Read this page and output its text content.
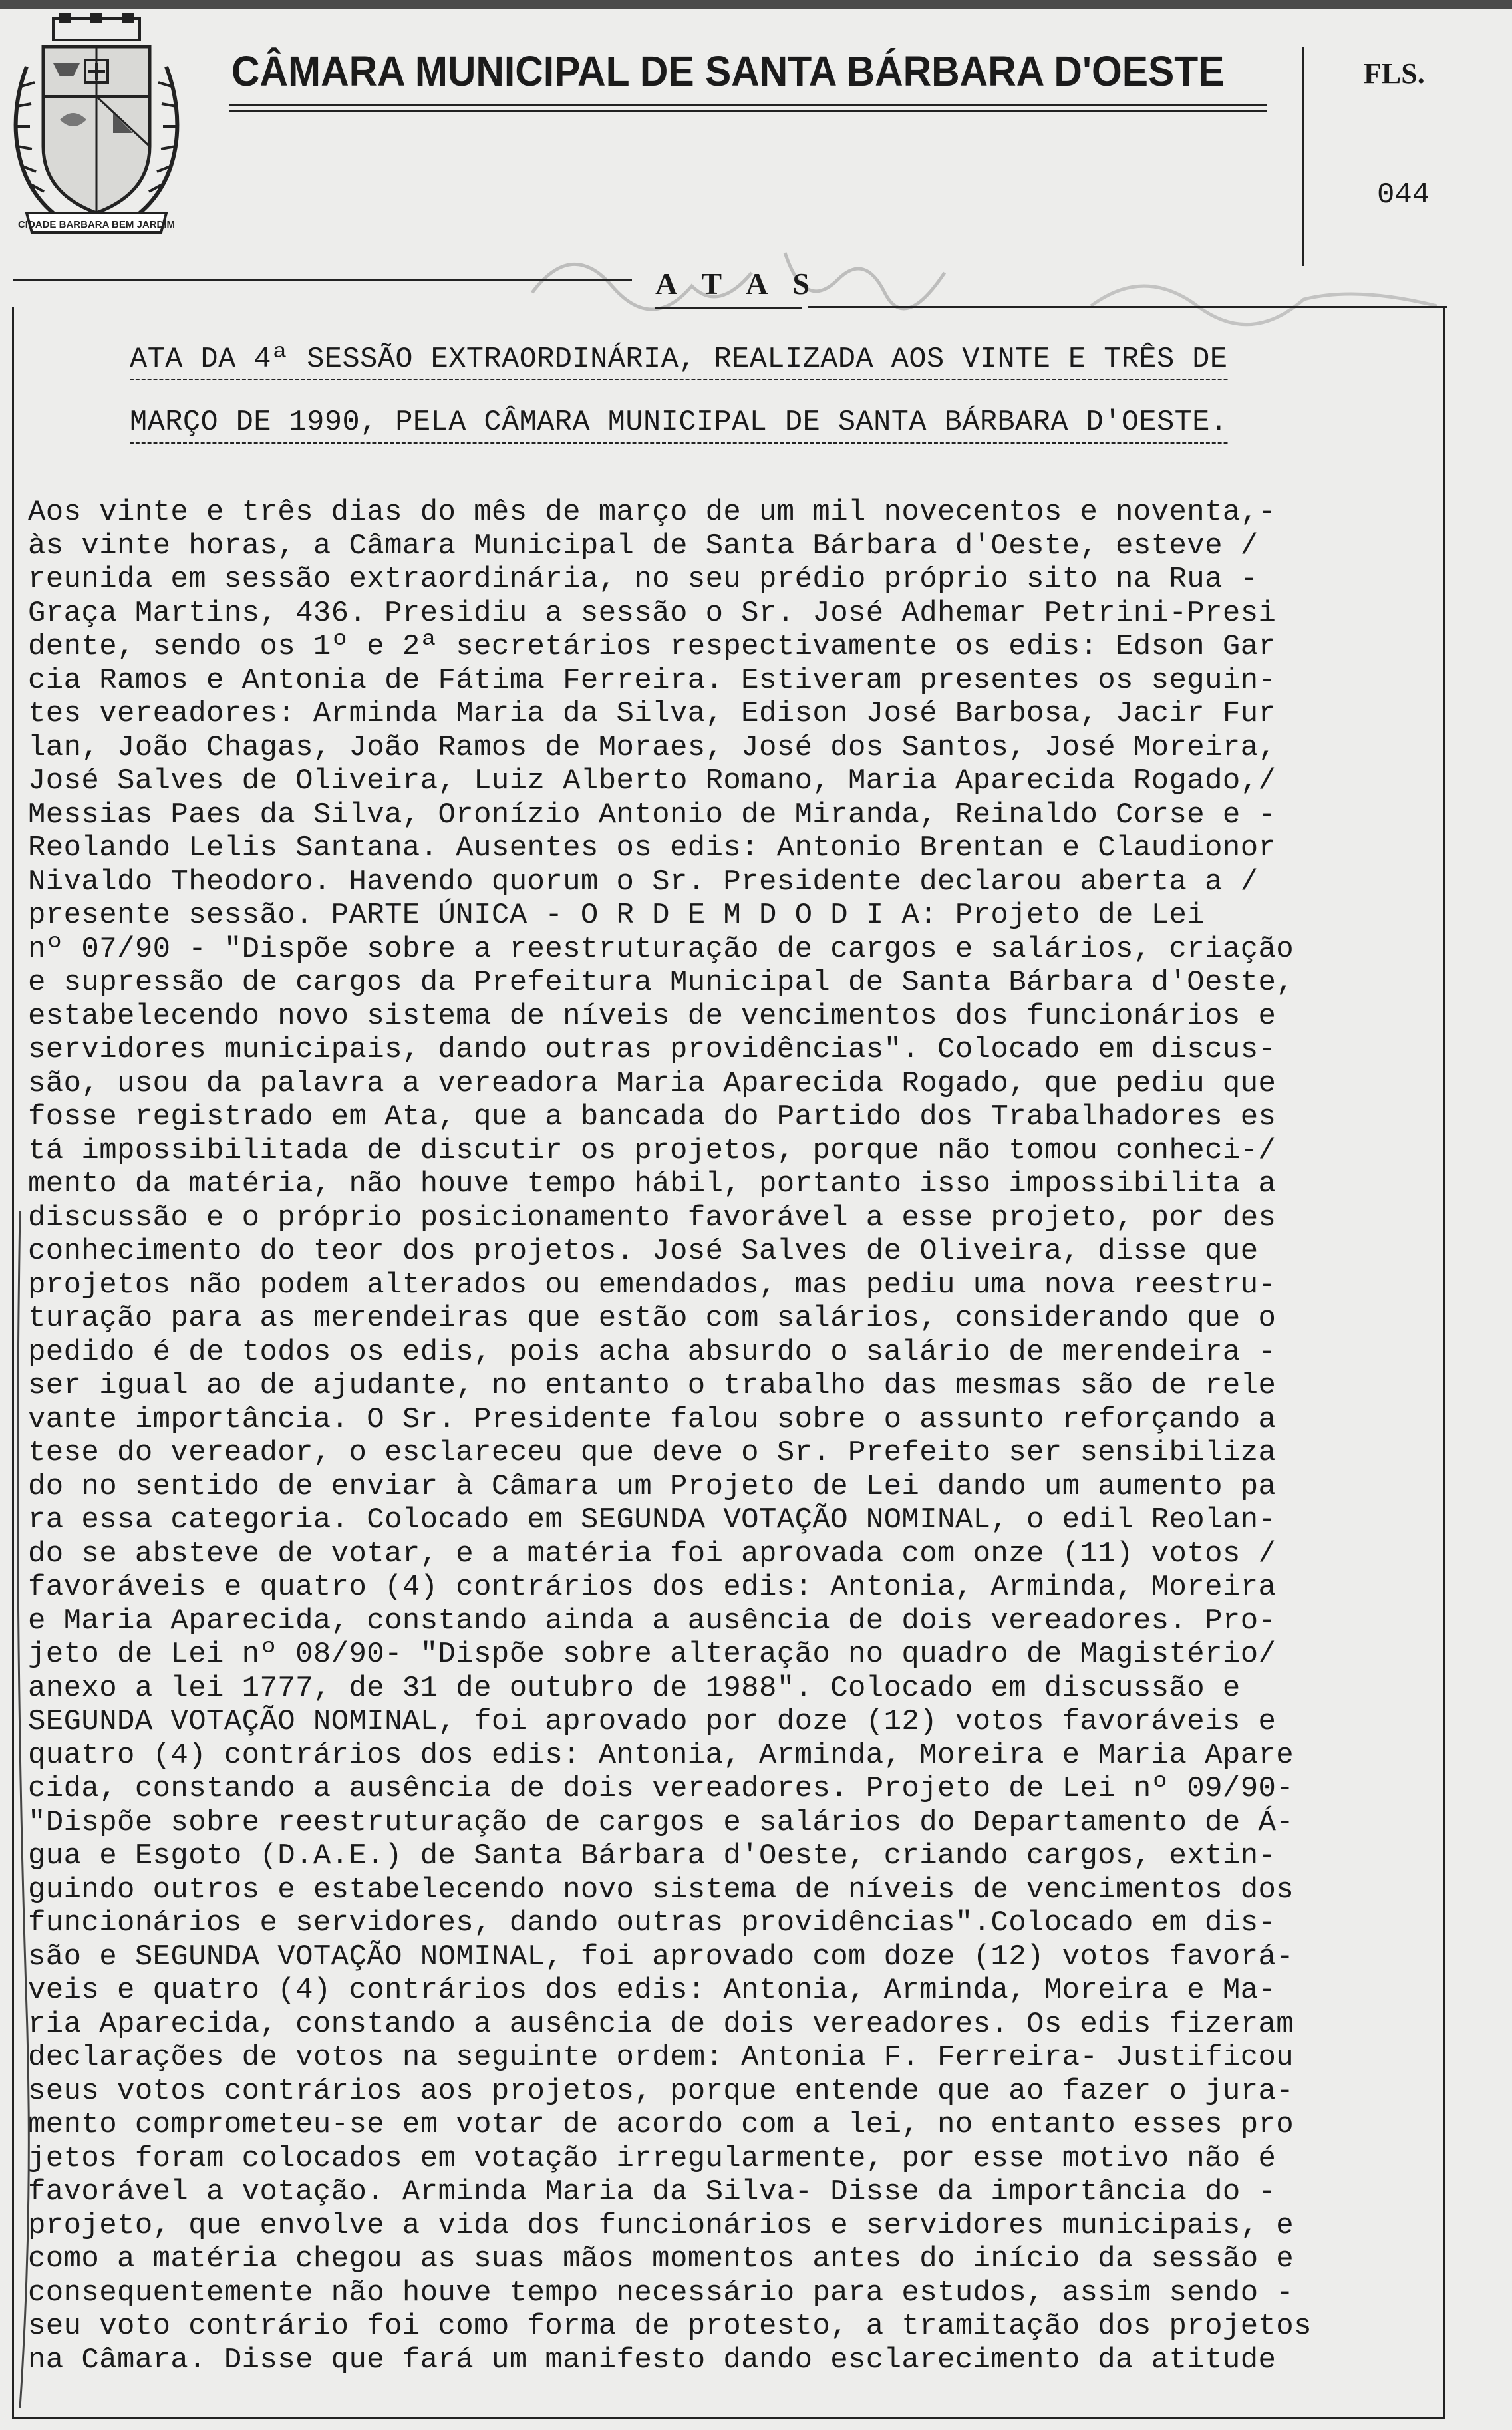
CIDADE BARBARA BEM JARDIM
CÂMARA MUNICIPAL DE SANTA BÁRBARA D'OESTE	FLS.
044
A T A S
ATA DA 4ª SESSÃO EXTRAORDINÁRIA, REALIZADA AOS VINTE E TRÊS DE
MARÇO DE 1990, PELA CÂMARA MUNICIPAL DE SANTA BÁRBARA D'OESTE.
Aos vinte e três dias do mês de março de um mil novecentos e noventa,-
às vinte horas, a Câmara Municipal de Santa Bárbara d'Oeste, esteve /
reunida em sessão extraordinária, no seu prédio próprio sito na Rua -
Graça Martins, 436. Presidiu a sessão o Sr. José Adhemar Petrini-Presi
dente, sendo os 1º e 2ª secretários respectivamente os edis: Edson Gar
cia Ramos e Antonia de Fátima Ferreira. Estiveram presentes os seguin-
tes vereadores: Arminda Maria da Silva, Edison José Barbosa, Jacir Fur
lan, João Chagas, João Ramos de Moraes, José dos Santos, José Moreira,
José Salves de Oliveira, Luiz Alberto Romano, Maria Aparecida Rogado,/
Messias Paes da Silva, Oronízio Antonio de Miranda, Reinaldo Corse e -
Reolando Lelis Santana. Ausentes os edis: Antonio Brentan e Claudionor
Nivaldo Theodoro. Havendo quorum o Sr. Presidente declarou aberta a /
presente sessão. PARTE ÚNICA - O R D E M D O D I A: Projeto de Lei
nº 07/90 - "Dispõe sobre a reestruturação de cargos e salários, criação
e supressão de cargos da Prefeitura Municipal de Santa Bárbara d'Oeste,
estabelecendo novo sistema de níveis de vencimentos dos funcionários e
servidores municipais, dando outras providências". Colocado em discus-
são, usou da palavra a vereadora Maria Aparecida Rogado, que pediu que
fosse registrado em Ata, que a bancada do Partido dos Trabalhadores es
tá impossibilitada de discutir os projetos, porque não tomou conheci-/
mento da matéria, não houve tempo hábil, portanto isso impossibilita a
discussão e o próprio posicionamento favorável a esse projeto, por des
conhecimento do teor dos projetos. José Salves de Oliveira, disse que
projetos não podem alterados ou emendados, mas pediu uma nova reestru-
turação para as merendeiras que estão com salários, considerando que o
pedido é de todos os edis, pois acha absurdo o salário de merendeira -
ser igual ao de ajudante, no entanto o trabalho das mesmas são de rele
vante importância. O Sr. Presidente falou sobre o assunto reforçando a
tese do vereador, o esclareceu que deve o Sr. Prefeito ser sensibiliza
do no sentido de enviar à Câmara um Projeto de Lei dando um aumento pa
ra essa categoria. Colocado em SEGUNDA VOTAÇÃO NOMINAL, o edil Reolan-
do se absteve de votar, e a matéria foi aprovada com onze (11) votos /
favoráveis e quatro (4) contrários dos edis: Antonia, Arminda, Moreira
e Maria Aparecida, constando ainda a ausência de dois vereadores. Pro-
jeto de Lei nº 08/90- "Dispõe sobre alteração no quadro de Magistério/
anexo a lei 1777, de 31 de outubro de 1988". Colocado em discussão e
SEGUNDA VOTAÇÃO NOMINAL, foi aprovado por doze (12) votos favoráveis e
quatro (4) contrários dos edis: Antonia, Arminda, Moreira e Maria Apare
cida, constando a ausência de dois vereadores. Projeto de Lei nº 09/90-
"Dispõe sobre reestruturação de cargos e salários do Departamento de Á-
gua e Esgoto (D.A.E.) de Santa Bárbara d'Oeste, criando cargos, extin-
guindo outros e estabelecendo novo sistema de níveis de vencimentos dos
funcionários e servidores, dando outras providências".Colocado em dis-
são e SEGUNDA VOTAÇÃO NOMINAL, foi aprovado com doze (12) votos favorá-
veis e quatro (4) contrários dos edis: Antonia, Arminda, Moreira e Ma-
ria Aparecida, constando a ausência de dois vereadores. Os edis fizeram
declarações de votos na seguinte ordem: Antonia F. Ferreira- Justificou
seus votos contrários aos projetos, porque entende que ao fazer o jura-
mento comprometeu-se em votar de acordo com a lei, no entanto esses pro
jetos foram colocados em votação irregularmente, por esse motivo não é
favorável a votação. Arminda Maria da Silva- Disse da importância do -
projeto, que envolve a vida dos funcionários e servidores municipais, e
como a matéria chegou as suas mãos momentos antes do início da sessão e
consequentemente não houve tempo necessário para estudos, assim sendo -
seu voto contrário foi como forma de protesto, a tramitação dos projetos
na Câmara. Disse que fará um manifesto dando esclarecimento da atitude
